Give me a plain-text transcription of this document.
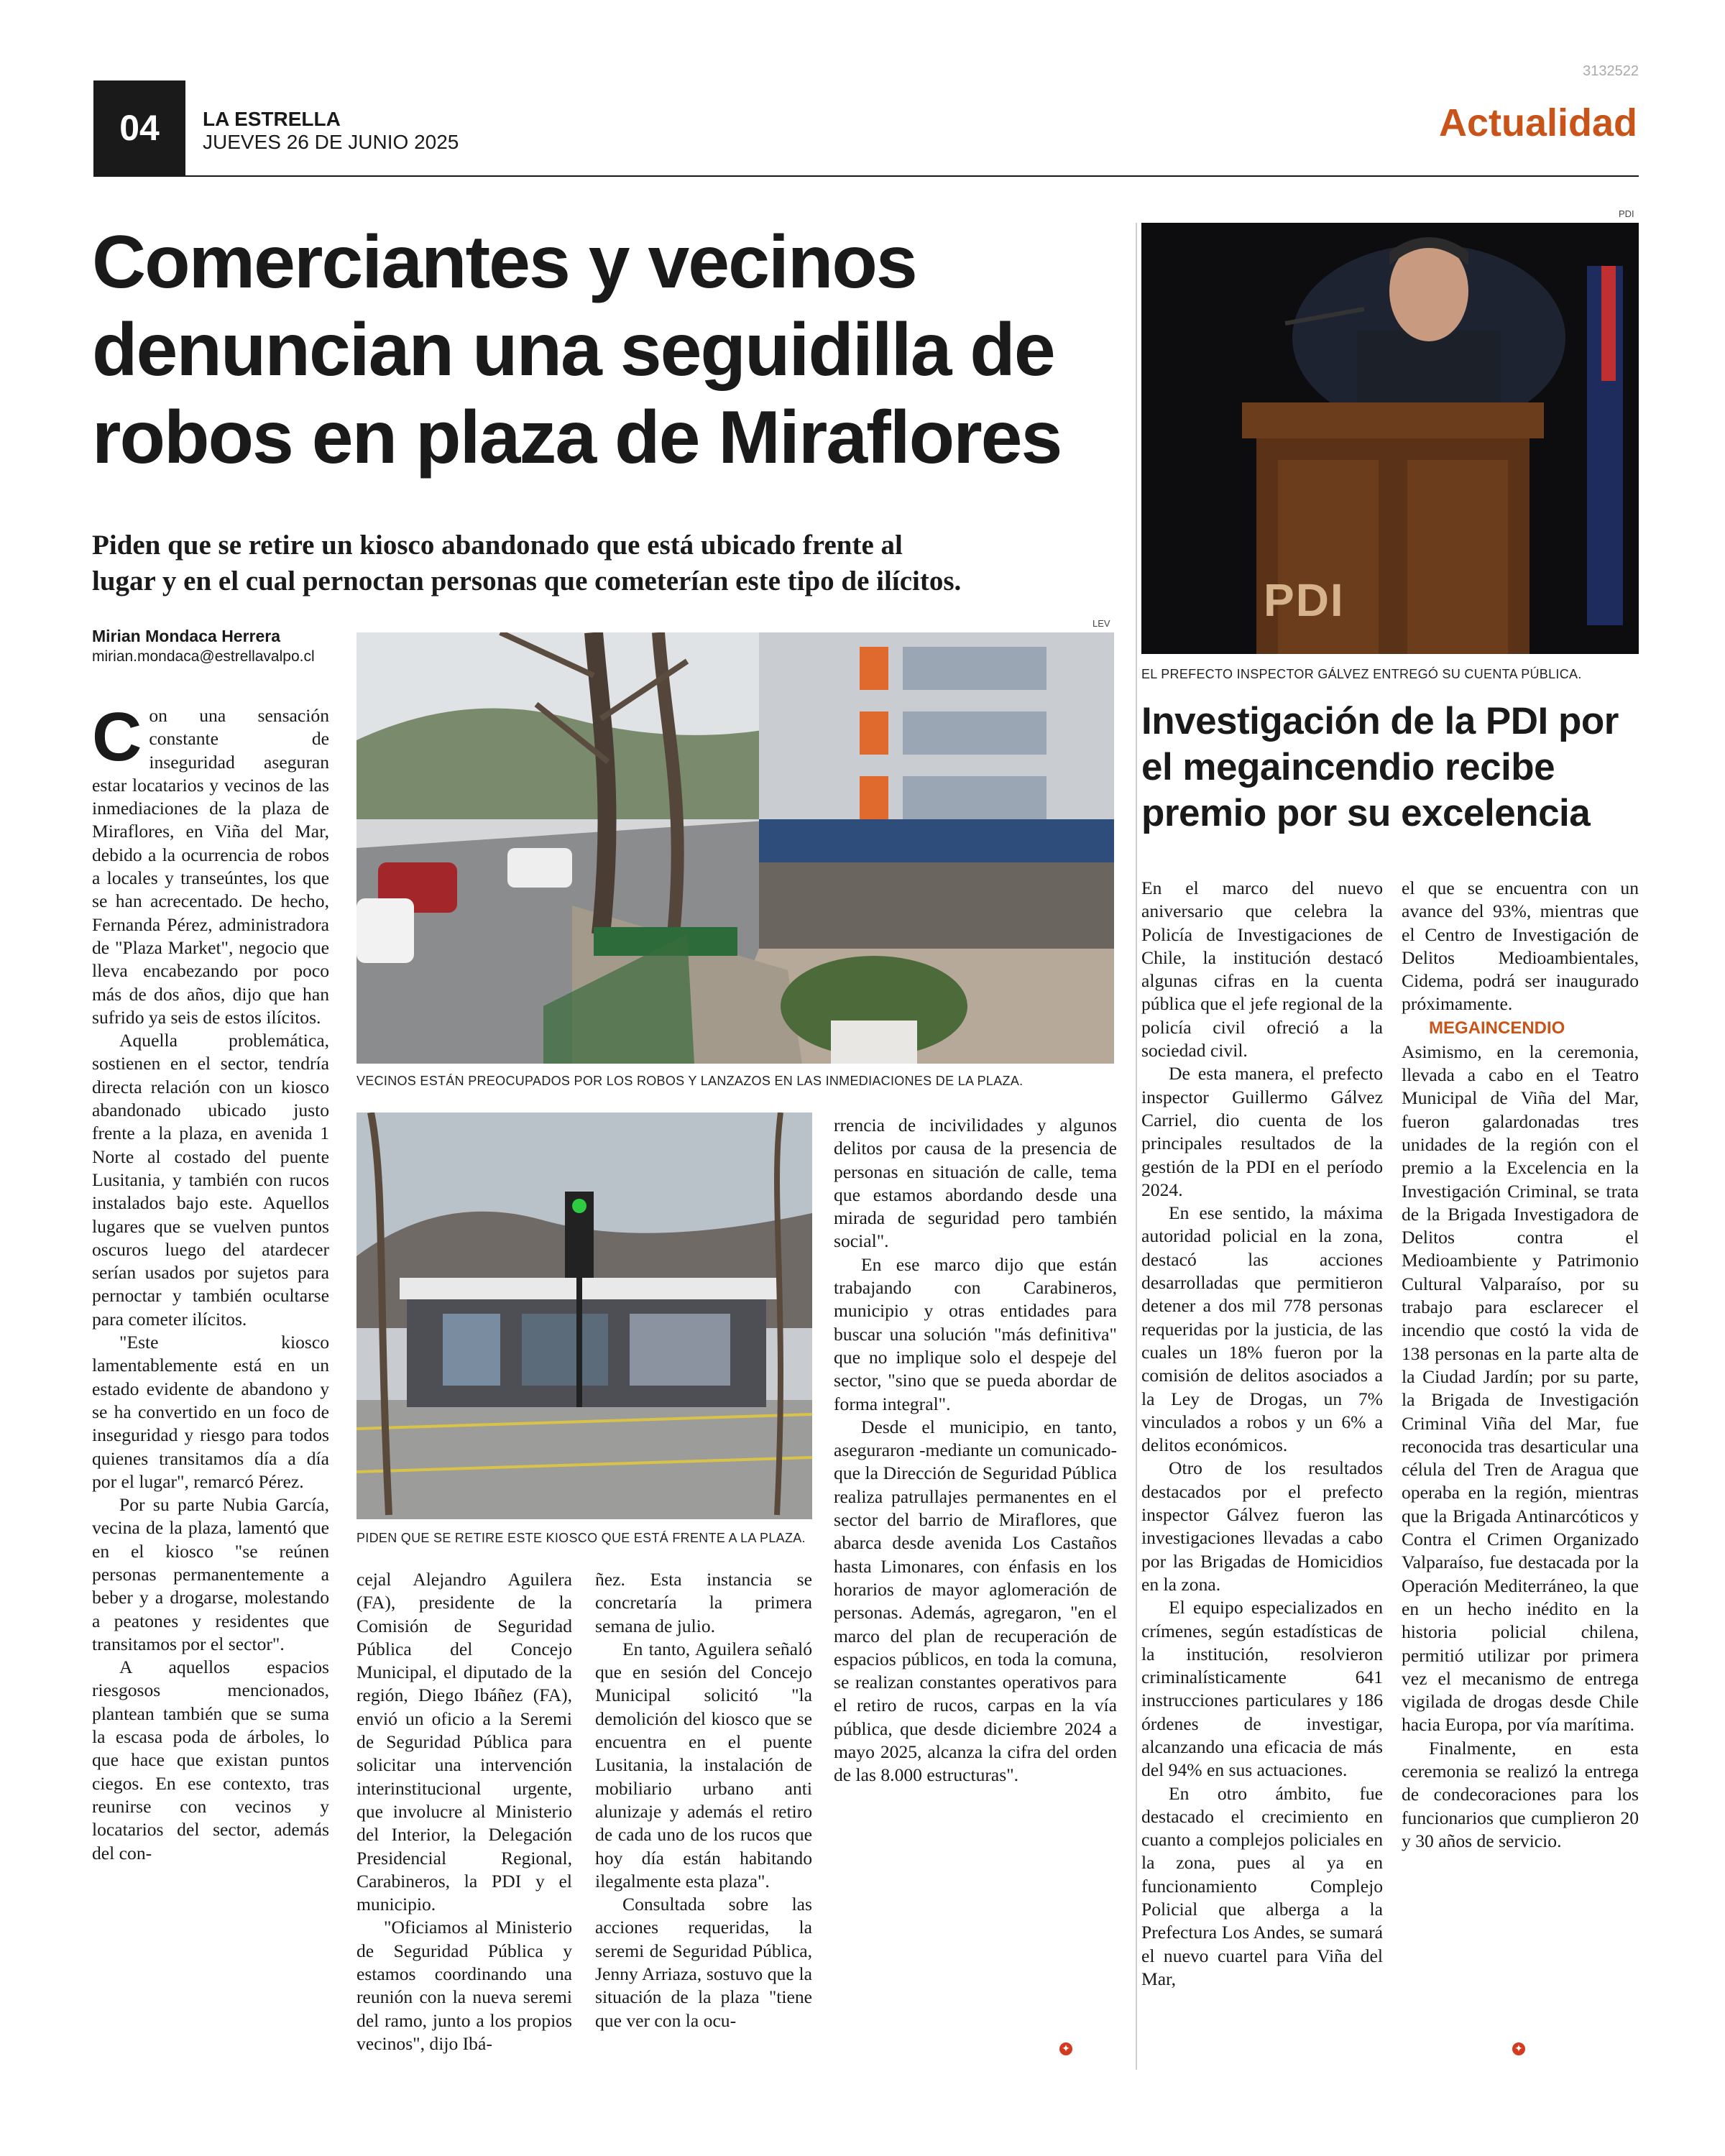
3132522
04	LA ESTRELLA
JUEVES 26 DE JUNIO 2025	Actualidad
Comerciantes y vecinos
denuncian una seguidilla de
robos en plaza de Miraflores
Piden que se retire un kiosco abandonado que está ubicado frente al
lugar y en el cual pernoctan personas que cometerían este tipo de ilícitos.
Mirian Mondaca Herrera
mirian.mondaca@estrellavalpo.cl
LEV
VECINOS ESTÁN PREOCUPADOS POR LOS ROBOS Y LANZAZOS EN LAS INMEDIACIONES DE LA PLAZA.
PIDEN QUE SE RETIRE ESTE KIOSCO QUE ESTÁ FRENTE A LA PLAZA.

Con una sensación constante de inseguridad aseguran estar locatarios y vecinos de las inmediaciones de la plaza de Miraflores, en Viña del Mar, debido a la ocurrencia de robos a locales y transeúntes, los que se han acrecentado. De hecho, Fernanda Pérez, administradora de "Plaza Market", negocio que lleva encabezando por poco más de dos años, dijo que han sufrido ya seis de estos ilícitos.

Aquella problemática, sostienen en el sector, tendría directa relación con un kiosco abandonado ubicado justo frente a la plaza, en avenida 1 Norte al costado del puente Lusitania, y también con rucos instalados bajo este. Aquellos lugares que se vuelven puntos oscuros luego del atardecer serían usados por sujetos para pernoctar y también ocultarse para cometer ilícitos.

"Este kiosco lamentablemente está en un estado evidente de abandono y se ha convertido en un foco de inseguridad y riesgo para todos quienes transitamos día a día por el lugar", remarcó Pérez.

Por su parte Nubia García, vecina de la plaza, lamentó que en el kiosco "se reúnen personas permanentemente a beber y a drogarse, molestando a peatones y residentes que transitamos por el sector".

A aquellos espacios riesgosos mencionados, plantean también que se suma la escasa poda de árboles, lo que hace que existan puntos ciegos. En ese contexto, tras reunirse con vecinos y locatarios del sector, además del con-

cejal Alejandro Aguilera (FA), presidente de la Comisión de Seguridad Pública del Concejo Municipal, el diputado de la región, Diego Ibáñez (FA), envió un oficio a la Seremi de Seguridad Pública para solicitar una intervención interinstitucional urgente, que involucre al Ministerio del Interior, la Delegación Presidencial Regional, Carabineros, la PDI y el municipio.

"Oficiamos al Ministerio de Seguridad Pública y estamos coordinando una reunión con la nueva seremi del ramo, junto a los propios vecinos", dijo Ibá-

ñez. Esta instancia se concretaría la primera semana de julio.

En tanto, Aguilera señaló que en sesión del Concejo Municipal solicitó "la demolición del kiosco que se encuentra en el puente Lusitania, la instalación de mobiliario urbano anti alunizaje y además el retiro de cada uno de los rucos que hoy día están habitando ilegalmente esta plaza".

Consultada sobre las acciones requeridas, la seremi de Seguridad Pública, Jenny Arriaza, sostuvo que la situación de la plaza "tiene que ver con la ocu-

rrencia de incivilidades y algunos delitos por causa de la presencia de personas en situación de calle, tema que estamos abordando desde una mirada de seguridad pero también social".

En ese marco dijo que están trabajando con Carabineros, municipio y otras entidades para buscar una solución "más definitiva" que no implique solo el despeje del sector, "sino que se pueda abordar de forma integral".

Desde el municipio, en tanto, aseguraron -mediante un comunicado- que la Dirección de Seguridad Pública realiza patrullajes permanentes en el sector del barrio de Miraflores, que abarca desde avenida Los Castaños hasta Limonares, con énfasis en los horarios de mayor aglomeración de personas. Además, agregaron, "en el marco del plan de recuperación de espacios públicos, en toda la comuna, se realizan constantes operativos para el retiro de rucos, carpas en la vía pública, que desde diciembre 2024 a mayo 2025, alcanza la cifra del orden de las 8.000 estructuras".

✦
PDI
PDI
EL PREFECTO INSPECTOR GÁLVEZ ENTREGÓ SU CUENTA PÚBLICA.
Investigación de la PDI por
el megaincendio recibe
premio por su excelencia

En el marco del nuevo aniversario que celebra la Policía de Investigaciones de Chile, la institución destacó algunas cifras en la cuenta pública que el jefe regional de la policía civil ofreció a la sociedad civil.

De esta manera, el prefecto inspector Guillermo Gálvez Carriel, dio cuenta de los principales resultados de la gestión de la PDI en el período 2024.

En ese sentido, la máxima autoridad policial en la zona, destacó las acciones desarrolladas que permitieron detener a dos mil 778 personas requeridas por la justicia, de las cuales un 18% fueron por la comisión de delitos asociados a la Ley de Drogas, un 7% vinculados a robos y un 6% a delitos económicos.

Otro de los resultados destacados por el prefecto inspector Gálvez fueron las investigaciones llevadas a cabo por las Brigadas de Homicidios en la zona.

El equipo especializados en crímenes, según estadísticas de la institución, resolvieron criminalísticamente 641 instrucciones particulares y 186 órdenes de investigar, alcanzando una eficacia de más del 94% en sus actuaciones.

En otro ámbito, fue destacado el crecimiento en cuanto a complejos policiales en la zona, pues al ya en funcionamiento Complejo Policial que alberga a la Prefectura Los Andes, se sumará el nuevo cuartel para Viña del Mar,

el que se encuentra con un avance del 93%, mientras que el Centro de Investigación de Delitos Medioambientales, Cidema, podrá ser inaugurado próximamente.

MEGAINCENDIO

Asimismo, en la ceremonia, llevada a cabo en el Teatro Municipal de Viña del Mar, fueron galardonadas tres unidades de la región con el premio a la Excelencia en la Investigación Criminal, se trata de la Brigada Investigadora de Delitos contra el Medioambiente y Patrimonio Cultural Valparaíso, por su trabajo para esclarecer el incendio que costó la vida de 138 personas en la parte alta de la Ciudad Jardín; por su parte, la Brigada de Investigación Criminal Viña del Mar, fue reconocida tras desarticular una célula del Tren de Aragua que operaba en la región, mientras que la Brigada Antinarcóticos y Contra el Crimen Organizado Valparaíso, fue destacada por la Operación Mediterráneo, la que en un hecho inédito en la historia policial chilena, permitió utilizar por primera vez el mecanismo de entrega vigilada de drogas desde Chile hacia Europa, por vía marítima.

Finalmente, en esta ceremonia se realizó la entrega de condecoraciones para los funcionarios que cumplieron 20 y 30 años de servicio.

✦
